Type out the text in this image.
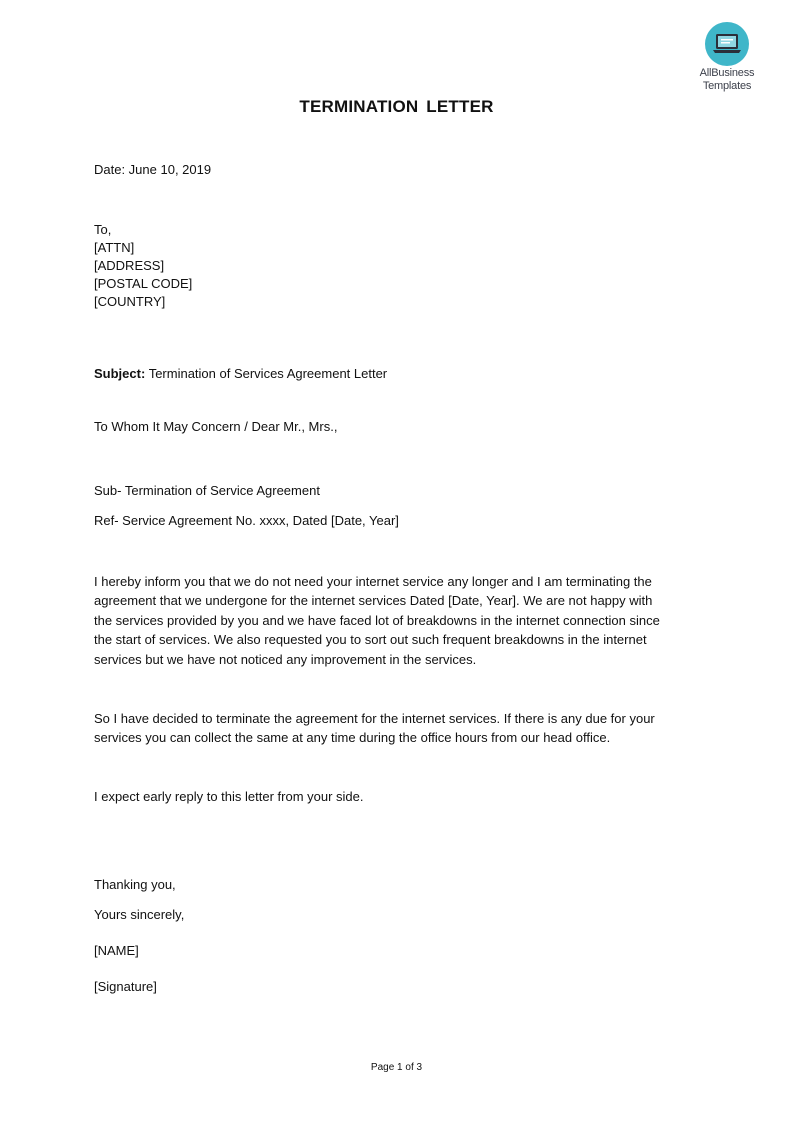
AllBusiness
Templates
TERMINATION LETTER
Date: June 10, 2019
To,
[ATTN]
[ADDRESS]
[POSTAL CODE]
[COUNTRY]
Subject: Termination of Services Agreement Letter
To Whom It May Concern / Dear Mr., Mrs.,
Sub- Termination of Service Agreement
Ref- Service Agreement No. xxxx, Dated [Date, Year]
I hereby inform you that we do not need your internet service any longer and I am terminating the
agreement that we undergone for the internet services Dated [Date, Year]. We are not happy with
the services provided by you and we have faced lot of breakdowns in the internet connection since
the start of services. We also requested you to sort out such frequent breakdowns in the internet
services but we have not noticed any improvement in the services.
So I have decided to terminate the agreement for the internet services. If there is any due for your
services you can collect the same at any time during the office hours from our head office.
I expect early reply to this letter from your side.
Thanking you,
Yours sincerely,
[NAME]
[Signature]
Page 1 of 3
